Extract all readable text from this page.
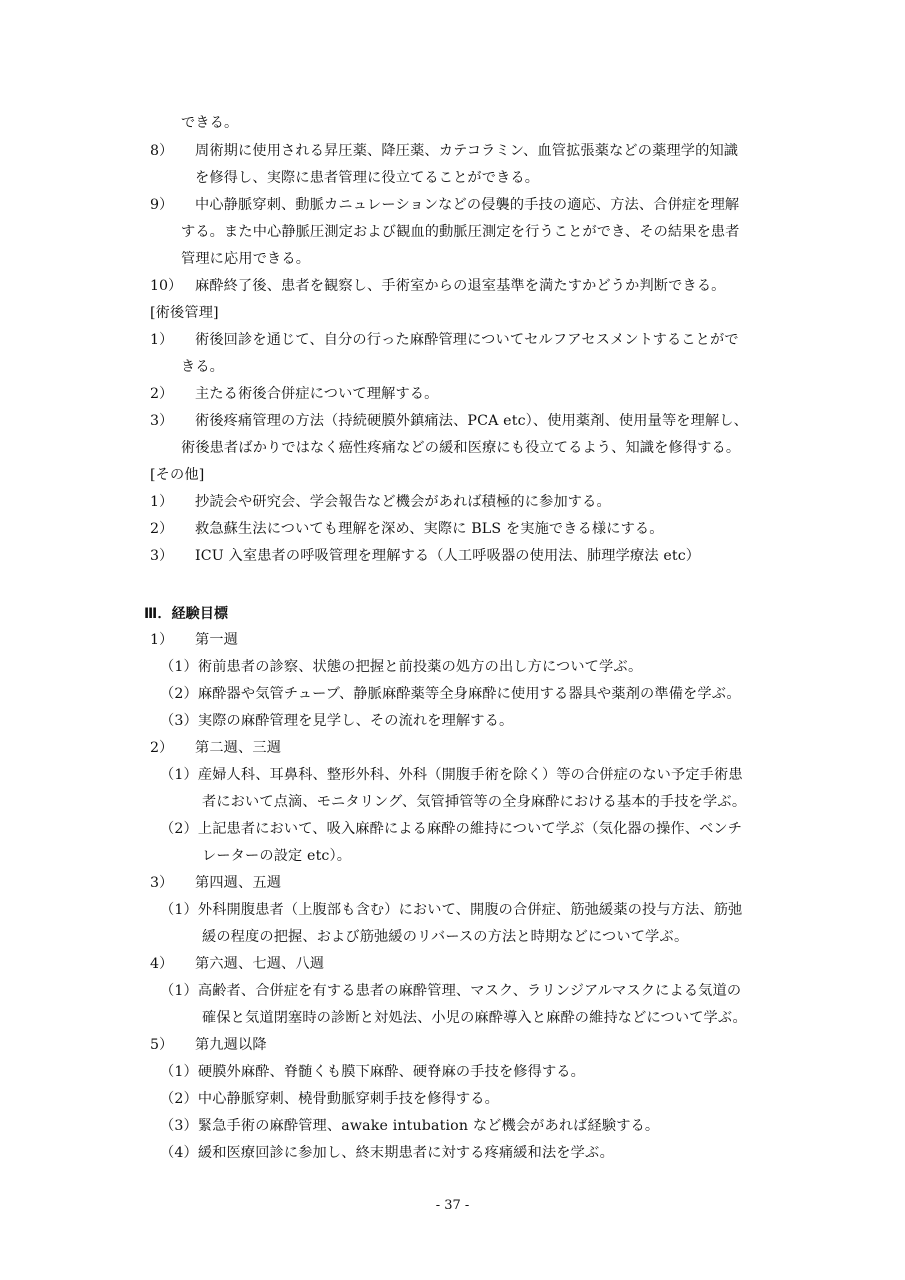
できる。
8） 周術期に使用される昇圧薬、降圧薬、カテコラミン、血管拡張薬などの薬理学的知識
を修得し、実際に患者管理に役立てることができる。
9） 中心静脈穿刺、動脈カニュレーションなどの侵襲的手技の適応、方法、合併症を理解
する。また中心静脈圧測定および観血的動脈圧測定を行うことができ、その結果を患者
管理に応用できる。
10） 麻酔終了後、患者を観察し、手術室からの退室基準を満たすかどうか判断できる。
[術後管理]
1） 術後回診を通じて、自分の行った麻酔管理についてセルフアセスメントすることがで
きる。
2） 主たる術後合併症について理解する。
3） 術後疼痛管理の方法（持続硬膜外鎮痛法、PCA etc）、使用薬剤、使用量等を理解し、
術後患者ばかりではなく癌性疼痛などの緩和医療にも役立てるよう、知識を修得する。
[その他]
1） 抄読会や研究会、学会報告など機会があれば積極的に参加する。
2） 救急蘇生法についても理解を深め、実際に BLS を実施できる様にする。
3） ICU 入室患者の呼吸管理を理解する（人工呼吸器の使用法、肺理学療法 etc）
Ⅲ．経験目標
1） 第一週
（1）術前患者の診察、状態の把握と前投薬の処方の出し方について学ぶ。
（2）麻酔器や気管チューブ、静脈麻酔薬等全身麻酔に使用する器具や薬剤の準備を学ぶ。
（3）実際の麻酔管理を見学し、その流れを理解する。
2） 第二週、三週
（1）産婦人科、耳鼻科、整形外科、外科（開腹手術を除く）等の合併症のない予定手術患
者において点滴、モニタリング、気管挿管等の全身麻酔における基本的手技を学ぶ。
（2）上記患者において、吸入麻酔による麻酔の維持について学ぶ（気化器の操作、ベンチ
レーターの設定 etc）。
3） 第四週、五週
（1）外科開腹患者（上腹部も含む）において、開腹の合併症、筋弛緩薬の投与方法、筋弛
緩の程度の把握、および筋弛緩のリバースの方法と時期などについて学ぶ。
4） 第六週、七週、八週
（1）高齢者、合併症を有する患者の麻酔管理、マスク、ラリンジアルマスクによる気道の
確保と気道閉塞時の診断と対処法、小児の麻酔導入と麻酔の維持などについて学ぶ。
5） 第九週以降
（1）硬膜外麻酔、脊髄くも膜下麻酔、硬脊麻の手技を修得する。
（2）中心静脈穿刺、橈骨動脈穿刺手技を修得する。
（3）緊急手術の麻酔管理、awake intubation など機会があれば経験する。
（4）緩和医療回診に参加し、終末期患者に対する疼痛緩和法を学ぶ。
- 37 -
